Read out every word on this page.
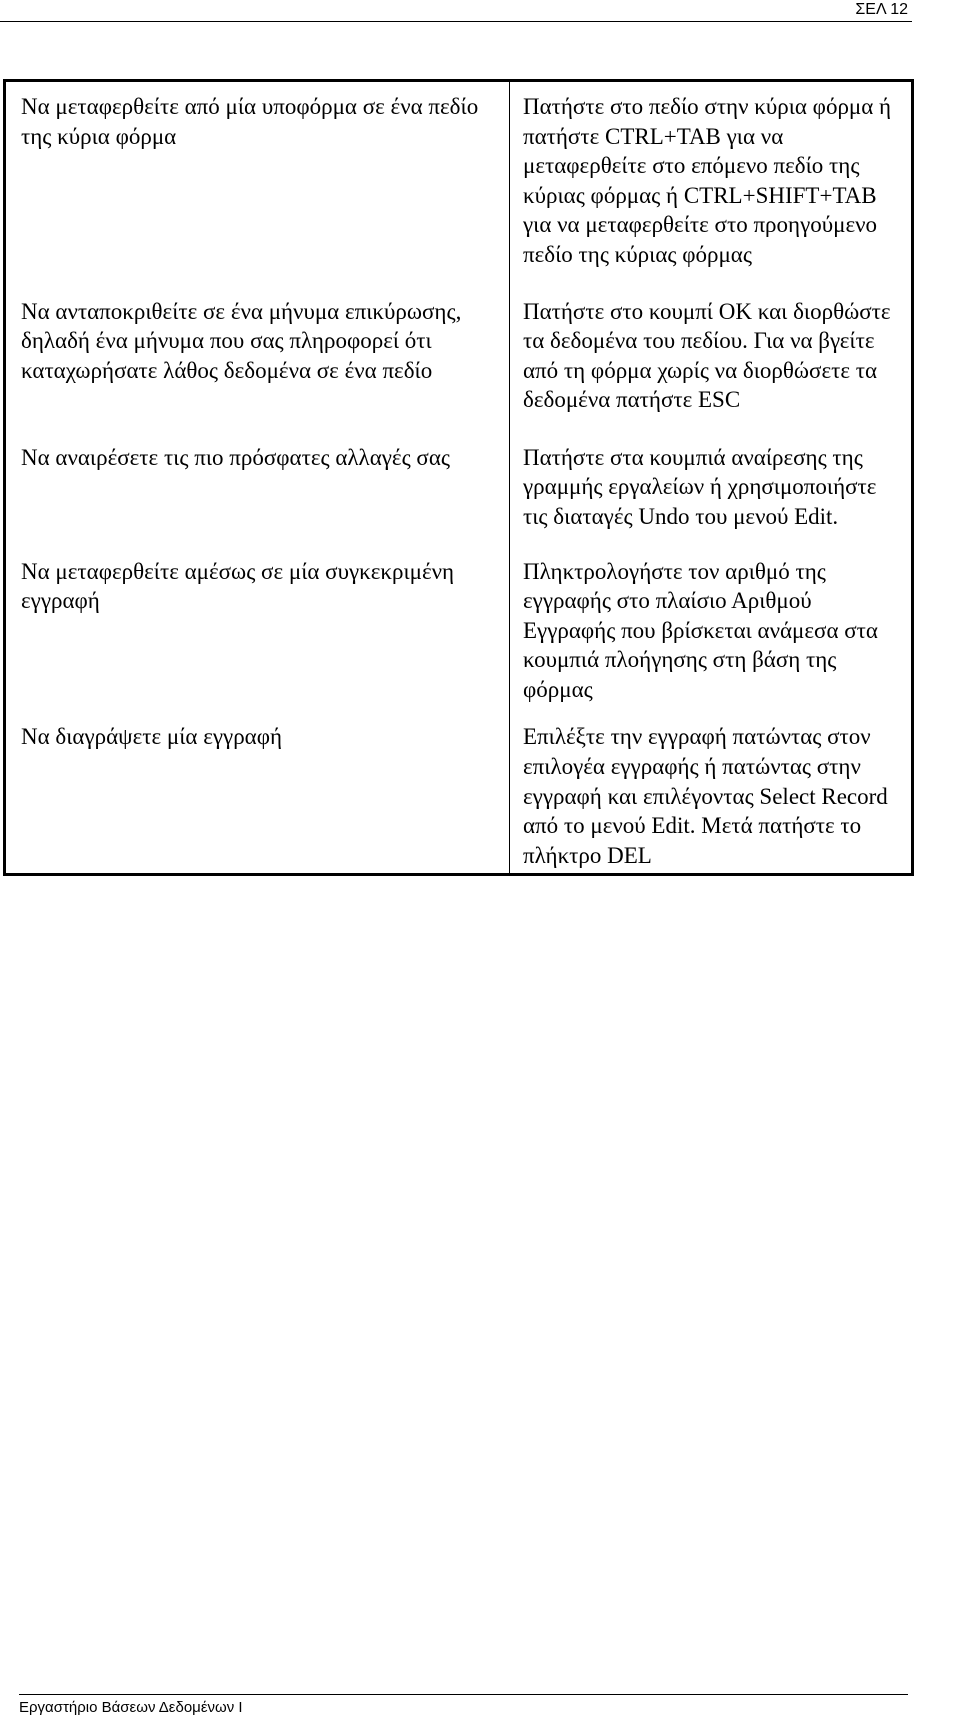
ΣΕΛ 12
Να μεταφερθείτε από μία υποφόρμα σε ένα πεδίο της κύρια φόρμα	Πατήστε στο πεδίο στην κύρια φόρμα ή πατήστε CTRL+TAB για να μεταφερθείτε στο επόμενο πεδίο της κύριας φόρμας ή CTRL+SHIFT+TAB για να μεταφερθείτε στο προηγούμενο πεδίο της κύριας φόρμας

Να ανταποκριθείτε σε ένα μήνυμα επικύρωσης, δηλαδή ένα μήνυμα που σας πληροφορεί ότι καταχωρήσατε λάθος δεδομένα σε ένα πεδίο	Πατήστε στο κουμπί ΟΚ και διορθώστε τα δεδομένα του πεδίου. Για να βγείτε από τη φόρμα χωρίς να διορθώσετε τα δεδομένα πατήστε ESC

Να αναιρέσετε τις πιο πρόσφατες αλλαγές σας	Πατήστε στα κουμπιά αναίρεσης της γραμμής εργαλείων ή χρησιμοποιήστε τις διαταγές Undo του μενού Edit.

Να μεταφερθείτε αμέσως σε μία συγκεκριμένη εγγραφή	Πληκτρολογήστε τον αριθμό της εγγραφής στο πλαίσιο Αριθμού Εγγραφής που βρίσκεται ανάμεσα στα κουμπιά πλοήγησης στη βάση της φόρμας

Να διαγράψετε μία εγγραφή	Επιλέξτε την εγγραφή πατώντας στον επιλογέα εγγραφής ή πατώντας στην εγγραφή και επιλέγοντας Select Record από το μενού Edit. Μετά πατήστε το πλήκτρο DEL
Εργαστήριο Βάσεων Δεδομένων Ι
